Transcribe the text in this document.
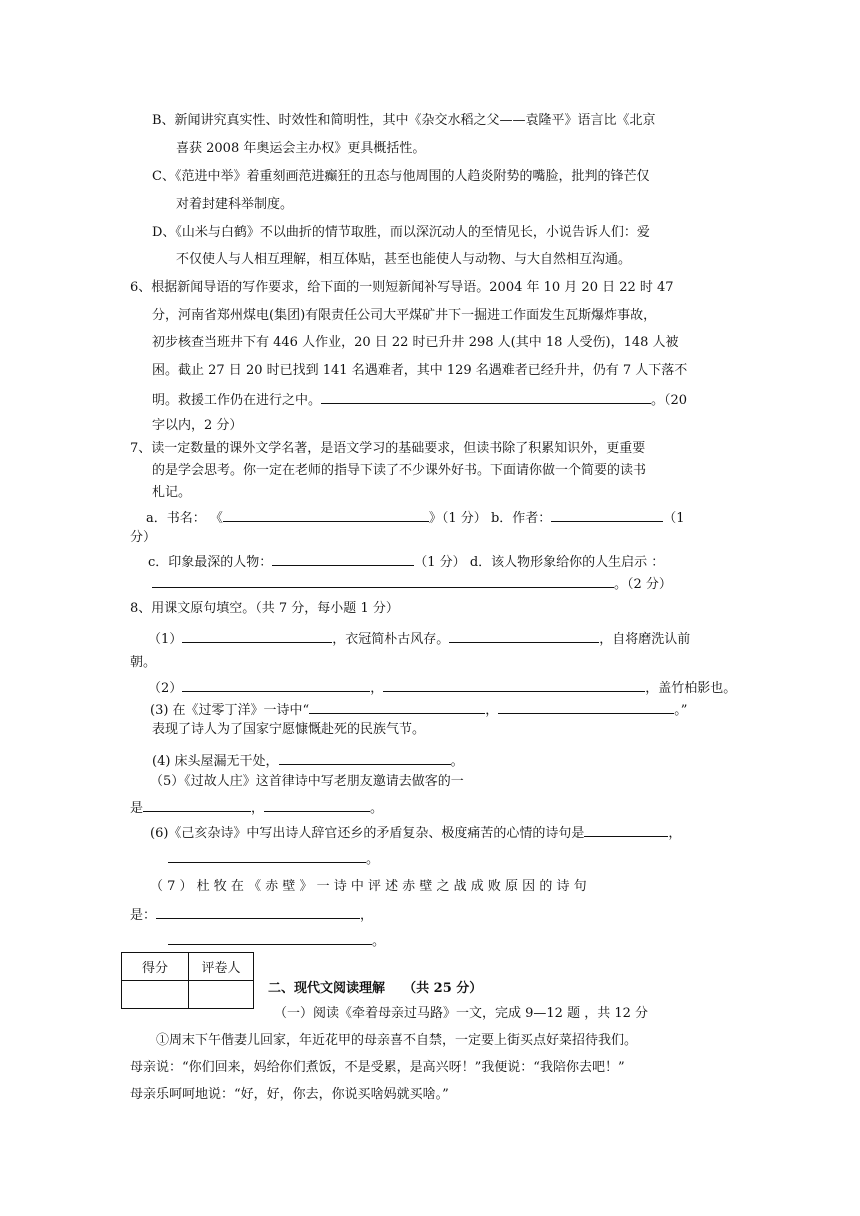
B、新闻讲究真实性、时效性和简明性，其中《杂交水稻之父——袁隆平》语言比《北京
喜获 2008 年奥运会主办权》更具概括性。
C、《范进中举》着重刻画范进癫狂的丑态与他周围的人趋炎附势的嘴脸，批判的锋芒仅
对着封建科举制度。
D、《山米与白鹤》不以曲折的情节取胜，而以深沉动人的至情见长，小说告诉人们：爱
不仅使人与人相互理解，相互体贴，甚至也能使人与动物、与大自然相互沟通。
6、根据新闻导语的写作要求，给下面的一则短新闻补写导语。2004 年 10 月 20 日 22 时 47
分，河南省郑州煤电(集团)有限责任公司大平煤矿井下一掘进工作面发生瓦斯爆炸事故，
初步核查当班井下有 446 人作业，20 日 22 时已升井 298 人(其中 18 人受伤)，148 人被
困。截止 27 日 20 时已找到 141 名遇难者，其中 129 名遇难者已经升井，仍有 7 人下落不
明。救援工作仍在进行之中。	。（20
字以内，2 分）
7、读一定数量的课外文学名著，是语文学习的基础要求，但读书除了积累知识外，更重要
的是学会思考。你一定在老师的指导下读了不少课外好书。下面请你做一个简要的读书
札记。
a．书名： 《	》（1 分） b．作者：	（1
分）
c．印象最深的人物：	（1 分） d．该人物形象给你的人生启示 ：
。（2 分）
8、用课文原句填空。（共 7 分，每小题 1 分）
（1）	，衣冠简朴古风存。	，自将磨洗认前
朝。
（2）	，	，盖竹柏影也。
(3) 在《过零丁洋》一诗中“	，	。”
表现了诗人为了国家宁愿慷慨赴死的民族气节。
(4) 床头屋漏无干处，	。
（5）《过故人庄》这首律诗中写老朋友邀请去做客的一
是	，	。
(6)《己亥杂诗》中写出诗人辞官还乡的矛盾复杂、极度痛苦的心情的诗句是	，
。
（ 7 ） 杜 牧 在 《 赤 壁 》 一 诗 中 评 述 赤 壁 之 战 成 败 原 因 的 诗 句
是：	，
。
得分	评卷人

二、现代文阅读理解 （共 25 分）
（一）阅读《牵着母亲过马路》一文，完成 9—12 题 ，共 12 分
①周末下午偕妻儿回家，年近花甲的母亲喜不自禁，一定要上街买点好菜招待我们。
母亲说：“你们回来，妈给你们煮饭，不是受累，是高兴呀！”我便说：“我陪你去吧！”
母亲乐呵呵地说：“好，好，你去，你说买啥妈就买啥。”
